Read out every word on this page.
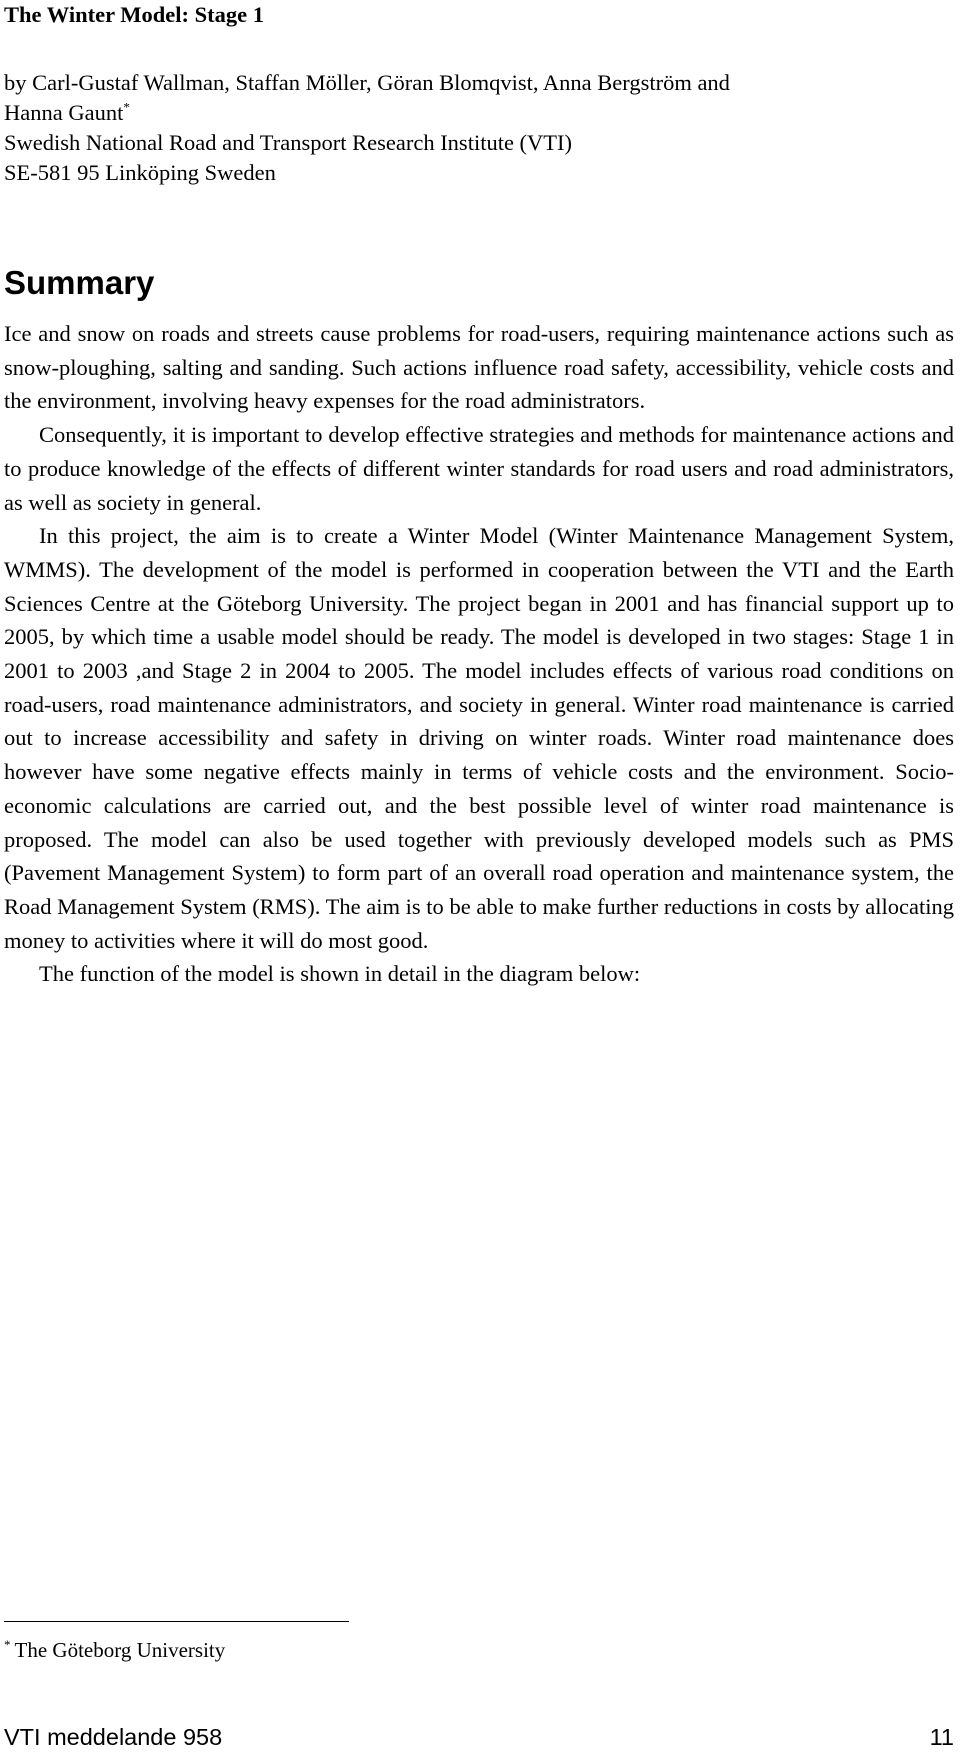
The Winter Model: Stage 1
by Carl-Gustaf Wallman, Staffan Möller, Göran Blomqvist, Anna Bergström and
Hanna Gaunt*
Swedish National Road and Transport Research Institute (VTI)
SE-581 95 Linköping Sweden
Summary

Ice and snow on roads and streets cause problems for road-users, requiring maintenance actions such as snow-ploughing, salting and sanding. Such actions influence road safety, accessibility, vehicle costs and the environment, involving heavy expenses for the road administrators.

Consequently, it is important to develop effective strategies and methods for maintenance actions and to produce knowledge of the effects of different winter standards for road users and road administrators, as well as society in general.

In this project, the aim is to create a Winter Model (Winter Maintenance Management System, WMMS). The development of the model is performed in cooperation between the VTI and the Earth Sciences Centre at the Göteborg University. The project began in 2001 and has financial support up to 2005, by which time a usable model should be ready. The model is developed in two stages: Stage 1 in 2001 to 2003 ,and Stage 2 in 2004 to 2005. The model includes effects of various road conditions on road-users, road maintenance administrators, and society in general. Winter road maintenance is carried out to increase accessibility and safety in driving on winter roads. Winter road maintenance does however have some negative effects mainly in terms of vehicle costs and the environment. Socio-economic calculations are carried out, and the best possible level of winter road maintenance is proposed. The model can also be used together with previously developed models such as PMS (Pavement Management System) to form part of an overall road operation and maintenance system, the Road Management System (RMS). The aim is to be able to make further reductions in costs by allocating money to activities where it will do most good.

The function of the model is shown in detail in the diagram below:

* The Göteborg University
VTI meddelande 958	11
